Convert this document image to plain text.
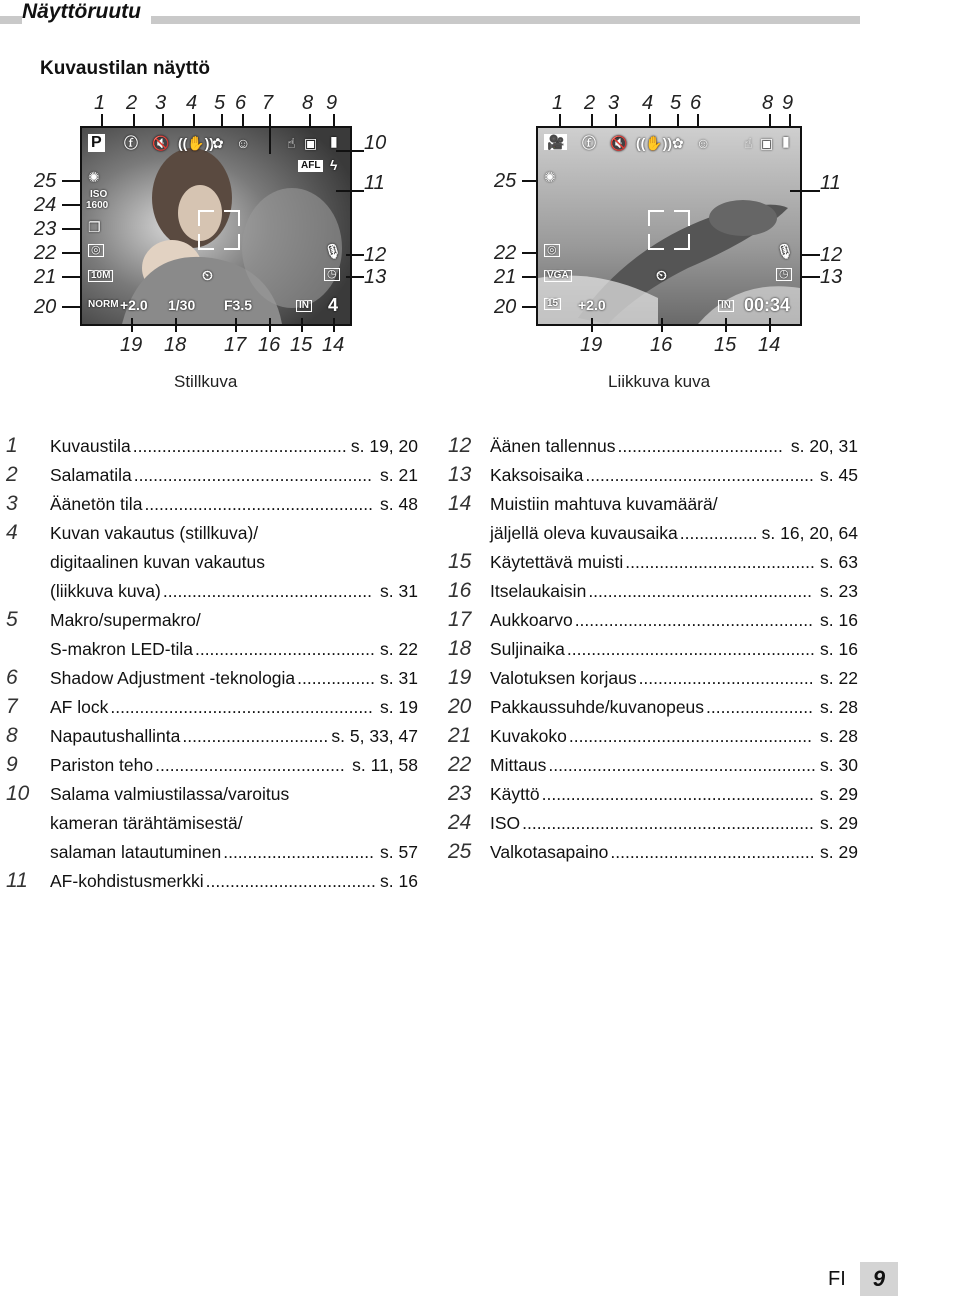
Näyttöruutu
Kuvaustilan näyttö
P ⓕ 🔇 ((✋))
✿ ☺	☝ ▣ ▮
AFL ϟ
✺
ISO
1600
❐
◎
10M
NORM +2.0 1/30 F3.5	IN 4
⏲
🎙
◷
Stillkuva
🎥 ⓕ 🔇 ((✋)) ✿ ☺ ☝ ▣ ▮
✺
◎
VGA
15 +2.0	IN 00:34
⏲
🎙
◷
Liikkuva kuva
1 Kuvaustila ............................................ s. 19, 20
2 Salamatila ................................................. s. 21
3 Äänetön tila ............................................... s. 48
4 Kuvan vakautus (stillkuva)/
digitaalinen kuvan vakautus
(liikkuva kuva) ........................................... s. 31
5 Makro/supermakro/
S-makron LED-tila ..................................... s. 22
6 Shadow Adjustment -teknologia ................ s. 31
7 AF lock ...................................................... s. 19
8 Napautushallinta .............................. s. 5, 33, 47
9 Pariston teho ....................................... s. 11, 58
10 Salama valmiustilassa/varoitus
kameran tärähtämisestä/
salaman latautuminen ............................... s. 57
11 AF-kohdistusmerkki ................................... s. 16
12 Äänen tallennus .................................. s. 20, 31
13 Kaksoisaika ............................................... s. 45
14 Muistiin mahtuva kuvamäärä/
jäljellä oleva kuvausaika ................ s. 16, 20, 64
15 Käytettävä muisti ....................................... s. 63
16 Itselaukaisin .............................................. s. 23
17 Aukkoarvo ................................................. s. 16
18 Suljinaika ................................................... s. 16
19 Valotuksen korjaus .................................... s. 22
20 Pakkaussuhde/kuvanopeus ...................... s. 28
21 Kuvakoko .................................................. s. 28
22 Mittaus ....................................................... s. 30
23 Käyttö ........................................................ s. 29
24 ISO ............................................................ s. 29
25 Valkotasapaino .......................................... s. 29
FI	9
1 2 3 4 5 6 7 8 9
25
24
23
22
21
20
10
11
12
13
19 18 17 16 15 14
1 2 3 4 5 6	8 9
25
22
21
20
11
12
13
19 16 15 14
